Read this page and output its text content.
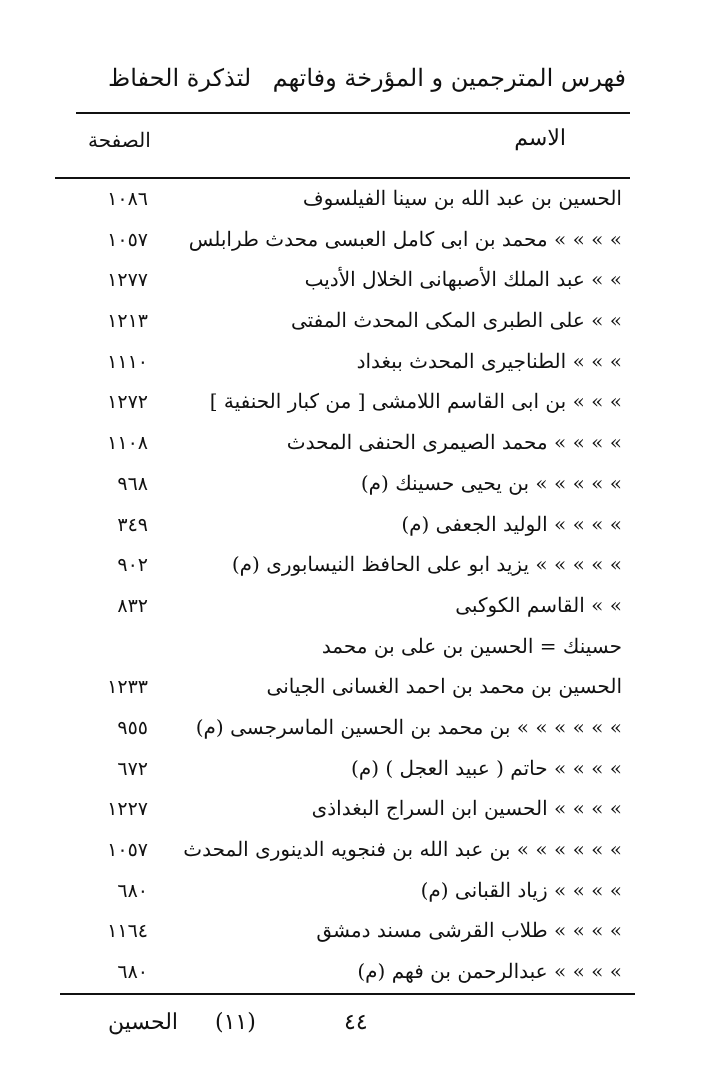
فهرس المترجمين و المؤرخة وفاتهم
لتذكرة الحفاظ
الاسم
الصفحة
الحسين بن عبد الله بن سينا الفيلسوف
١٠٨٦
» » » » محمد بن ابى كامل العبسى محدث طرابلس
١٠٥٧
» » عبد الملك الأصبهانى الخلال الأديب
١٢٧٧
» » على الطبرى المكى المحدث المفتى
١٢١٣
» » » الطناجيرى المحدث ببغداد
١١١٠
» » » بن ابى القاسم اللامشى [ من كبار الحنفية ]
١٢٧٢
» » » » محمد الصيمرى الحنفى المحدث
١١٠٨
» » » » » بن يحيى حسينك (م)
٩٦٨
» » » » الوليد الجعفى (م)
٣٤٩
» » » » » يزيد ابو على الحافظ النيسابورى (م)
٩٠٢
» » القاسم الكوكبى
٨٣٢
حسينك = الحسين بن على بن محمد
الحسين بن محمد بن احمد الغسانى الجيانى
١٢٣٣
» » » » » » بن محمد بن الحسين الماسرجسى (م)
٩٥٥
» » » » حاتم ( عبيد العجل ) (م)
٦٧٢
» » » » الحسين ابن السراج البغداذى
١٢٢٧
» » » » » » بن عبد الله بن فنجويه الدينورى المحدث
١٠٥٧
» » » » زياد القبانى (م)
٦٨٠
» » » » طلاب القرشى مسند دمشق
١١٦٤
» » » » عبدالرحمن بن فهم (م)
٦٨٠
الحسين (١١)	٤٤
